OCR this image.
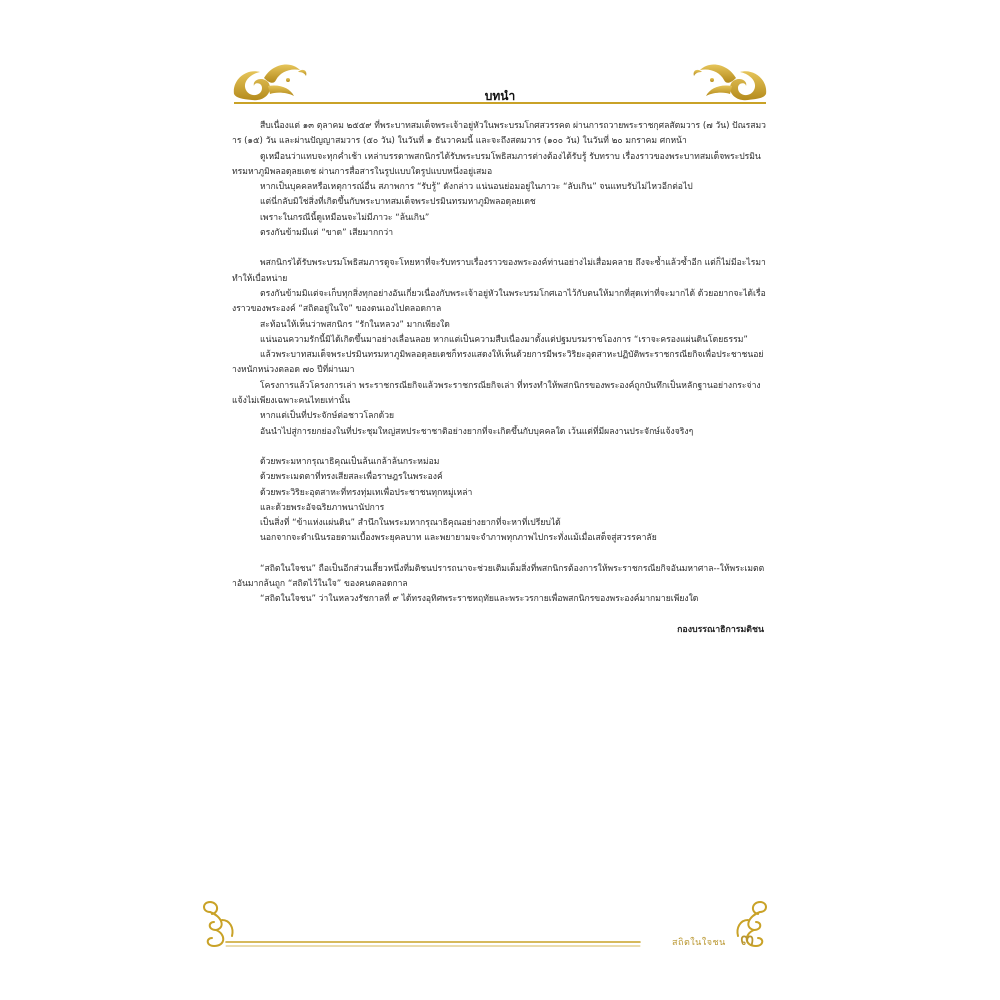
บทนำ

สืบเนื่องแต่ ๑๓ ตุลาคม ๒๕๕๙ ที่พระบาทสมเด็จพระเจ้าอยู่หัวในพระบรมโกศสวรรคต ผ่านการถวายพระราชกุศลสัตมวาร (๗ วัน) ปัณรสมวาร (๑๕) วัน และผ่านปัญญาสมวาร (๕๐ วัน) ในวันที่ ๑ ธันวาคมนี้ และจะถึงสตมวาร (๑๐๐ วัน) ในวันที่ ๒๐ มกราคม ศกหน้า

ดูเหมือนว่าแทบจะทุกค่ำเช้า เหล่าบรรดาพสกนิกรได้รับพระบรมโพธิสมภารต่างต้องได้รับรู้ รับทราบ เรื่องราวของพระบาทสมเด็จพระปรมินทรมหาภูมิพลอดุลยเดช ผ่านการสื่อสารในรูปแบบใดรูปแบบหนึ่งอยู่เสมอ

หากเป็นบุคคลหรือเหตุการณ์อื่น สภาพการ “รับรู้” ดังกล่าว แน่นอนย่อมอยู่ในภาวะ “ลับเกิน” จนแทบรับไม่ไหวอีกต่อไป

แต่นี่กลับมิใช่สิ่งที่เกิดขึ้นกับพระบาทสมเด็จพระปรมินทรมหาภูมิพลอดุลยเดช

เพราะในกรณีนี้ดูเหมือนจะไม่มีภาวะ “ล้นเกิน”

ตรงกันข้ามมีแต่ “ขาด” เสียมากกว่า

พสกนิกรได้รับพระบรมโพธิสมภารดูจะโหยหาที่จะรับทราบเรื่องราวของพระองค์ท่านอย่างไม่เสื่อมคลาย ถึงจะซ้ำแล้วซ้ำอีก แต่ก็ไม่มีอะไรมาทำให้เบื่อหน่าย

ตรงกันข้ามมิแต่จะเก็บทุกสิ่งทุกอย่างอันเกี่ยวเนื่องกับพระเจ้าอยู่หัวในพระบรมโกศเอาไว้กับตนให้มากที่สุดเท่าที่จะมากได้ ด้วยอยากจะได้เรื่องราวของพระองค์ “สถิตอยู่ในใจ” ของตนเองไปตลอดกาล

สะท้อนให้เห็นว่าพสกนิกร “รักในหลวง” มากเพียงใด

แน่นอนความรักนี้มิได้เกิดขึ้นมาอย่างเลื่อนลอย หากแต่เป็นความสืบเนื่องมาตั้งแต่ปฐมบรมราชโองการ “เราจะครองแผ่นดินโดยธรรม”

แล้วพระบาทสมเด็จพระปรมินทรมหาภูมิพลอดุลยเดชก็ทรงแสดงให้เห็นด้วยการมีพระวิริยะอุตสาหะปฏิบัติพระราชกรณียกิจเพื่อประชาชนอย่างหนักหน่วงตลอด ๗๐ ปีที่ผ่านมา

โครงการแล้วโครงการเล่า พระราชกรณียกิจแล้วพระราชกรณียกิจเล่า ที่ทรงทำให้พสกนิกรของพระองค์ถูกบันทึกเป็นหลักฐานอย่างกระจ่างแจ้งไม่เพียงเฉพาะคนไทยเท่านั้น

หากแต่เป็นที่ประจักษ์ต่อชาวโลกด้วย

อันนำไปสู่การยกย่องในที่ประชุมใหญ่สหประชาชาติอย่างยากที่จะเกิดขึ้นกับบุคคลใด เว้นแต่ที่มีผลงานประจักษ์แจ้งจริงๆ

ด้วยพระมหากรุณาธิคุณเป็นล้นเกล้าล้นกระหม่อม

ด้วยพระเมตตาที่ทรงเสียสละเพื่อราษฎรในพระองค์

ด้วยพระวิริยะอุตสาหะที่ทรงทุ่มเทเพื่อประชาชนทุกหมู่เหล่า

และด้วยพระอัจฉริยภาพนานัปการ

เป็นสิ่งที่ “ข้าแห่งแผ่นดิน” สำนึกในพระมหากรุณาธิคุณอย่างยากที่จะหาที่เปรียบได้

นอกจากจะดำเนินรอยตามเบื้องพระยุคลบาท และพยายามจะจำภาพทุกภาพไปกระทั่งแม้เมื่อเสด็จสู่สวรรคาลัย

“สถิตในใจชน” ถือเป็นอีกส่วนเสี้ยวหนึ่งที่มติชนปรารถนาจะช่วยเติมเต็มสิ่งที่พสกนิกรต้องการให้พระราชกรณียกิจอันมหาศาล--ให้พระเมตตาอันมากล้นถูก “สถิตไว้ในใจ” ของคนตลอดกาล

“สถิตในใจชน” ว่าในหลวงรัชกาลที่ ๙ ได้ทรงอุทิศพระราชหฤทัยและพระวรกายเพื่อพสกนิกรของพระองค์มากมายเพียงใด

กองบรรณาธิการมติชน
สถิตในใจชน ๓
